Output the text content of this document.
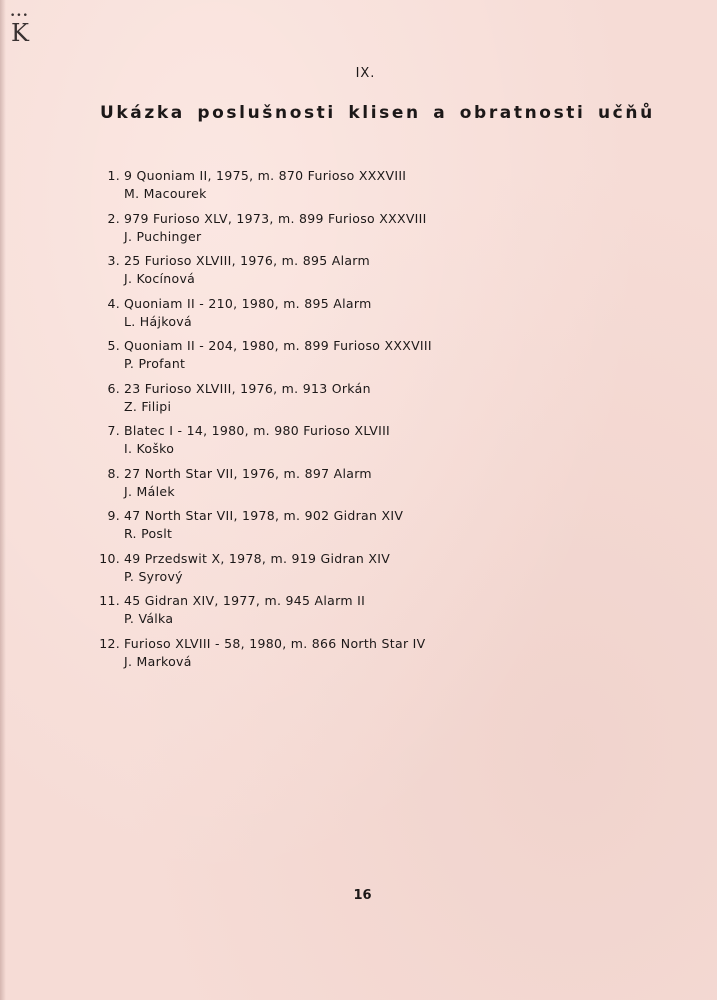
•••
K
IX.
Ukázka poslušnosti klisen a obratnosti učňů
1. 9 Quoniam II, 1975, m. 870 Furioso XXXVIII
M. Macourek
2. 979 Furioso XLV, 1973, m. 899 Furioso XXXVIII
J. Puchinger
3. 25 Furioso XLVIII, 1976, m. 895 Alarm
J. Kocínová
4. Quoniam II - 210, 1980, m. 895 Alarm
L. Hájková
5. Quoniam II - 204, 1980, m. 899 Furioso XXXVIII
P. Profant
6. 23 Furioso XLVIII, 1976, m. 913 Orkán
Z. Filipi
7. Blatec I - 14, 1980, m. 980 Furioso XLVIII
I. Koško
8. 27 North Star VII, 1976, m. 897 Alarm
J. Málek
9. 47 North Star VII, 1978, m. 902 Gidran XIV
R. Poslt
10. 49 Przedswit X, 1978, m. 919 Gidran XIV
P. Syrový
11. 45 Gidran XIV, 1977, m. 945 Alarm II
P. Válka
12. Furioso XLVIII - 58, 1980, m. 866 North Star IV
J. Marková
16
